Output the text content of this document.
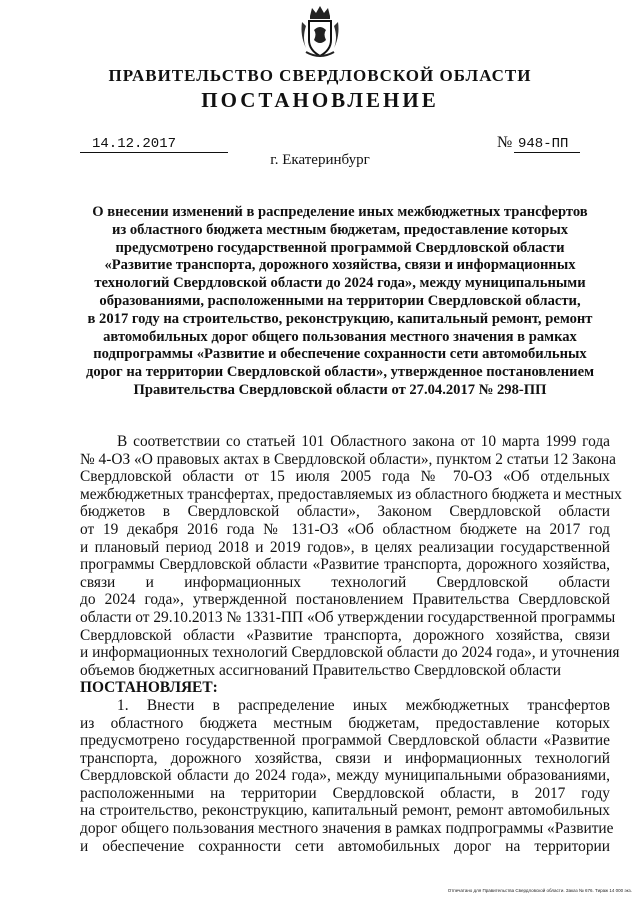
ПРАВИТЕЛЬСТВО СВЕРДЛОВСКОЙ ОБЛАСТИ
ПОСТАНОВЛЕНИЕ
14.12.2017	№ 948-ПП
г. Екатеринбург
О внесении изменений в распределение иных межбюджетных трансфертов
из областного бюджета местным бюджетам, предоставление которых
предусмотрено государственной программой Свердловской области
«Развитие транспорта, дорожного хозяйства, связи и информационных
технологий Свердловской области до 2024 года», между муниципальными
образованиями, расположенными на территории Свердловской области,
в 2017 году на строительство, реконструкцию, капитальный ремонт, ремонт
автомобильных дорог общего пользования местного значения в рамках
подпрограммы «Развитие и обеспечение сохранности сети автомобильных
дорог на территории Свердловской области», утвержденное постановлением
Правительства Свердловской области от 27.04.2017 № 298-ПП
В соответствии со статьей 101 Областного закона от 10 марта 1999 года
№ 4-ОЗ «О правовых актах в Свердловской области», пунктом 2 статьи 12 Закона
Свердловской области от 15 июля 2005 года № 70-ОЗ «Об отдельных
межбюджетных трансфертах, предоставляемых из областного бюджета и местных
бюджетов в Свердловской области», Законом Свердловской области
от 19 декабря 2016 года № 131-ОЗ «Об областном бюджете на 2017 год
и плановый период 2018 и 2019 годов», в целях реализации государственной
программы Свердловской области «Развитие транспорта, дорожного хозяйства,
связи и информационных технологий Свердловской области
до 2024 года», утвержденной постановлением Правительства Свердловской
области от 29.10.2013 № 1331-ПП «Об утверждении государственной программы
Свердловской области «Развитие транспорта, дорожного хозяйства, связи
и информационных технологий Свердловской области до 2024 года», и уточнения
объемов бюджетных ассигнований Правительство Свердловской области
ПОСТАНОВЛЯЕТ:
1. Внести в распределение иных межбюджетных трансфертов
из областного бюджета местным бюджетам, предоставление которых
предусмотрено государственной программой Свердловской области «Развитие
транспорта, дорожного хозяйства, связи и информационных технологий
Свердловской области до 2024 года», между муниципальными образованиями,
расположенными на территории Свердловской области, в 2017 году
на строительство, реконструкцию, капитальный ремонт, ремонт автомобильных
дорог общего пользования местного значения в рамках подпрограммы «Развитие
и обеспечение сохранности сети автомобильных дорог на территории
Отпечатано для Правительства Свердловской области. Заказ № 676. Тираж 14 000 экз.
